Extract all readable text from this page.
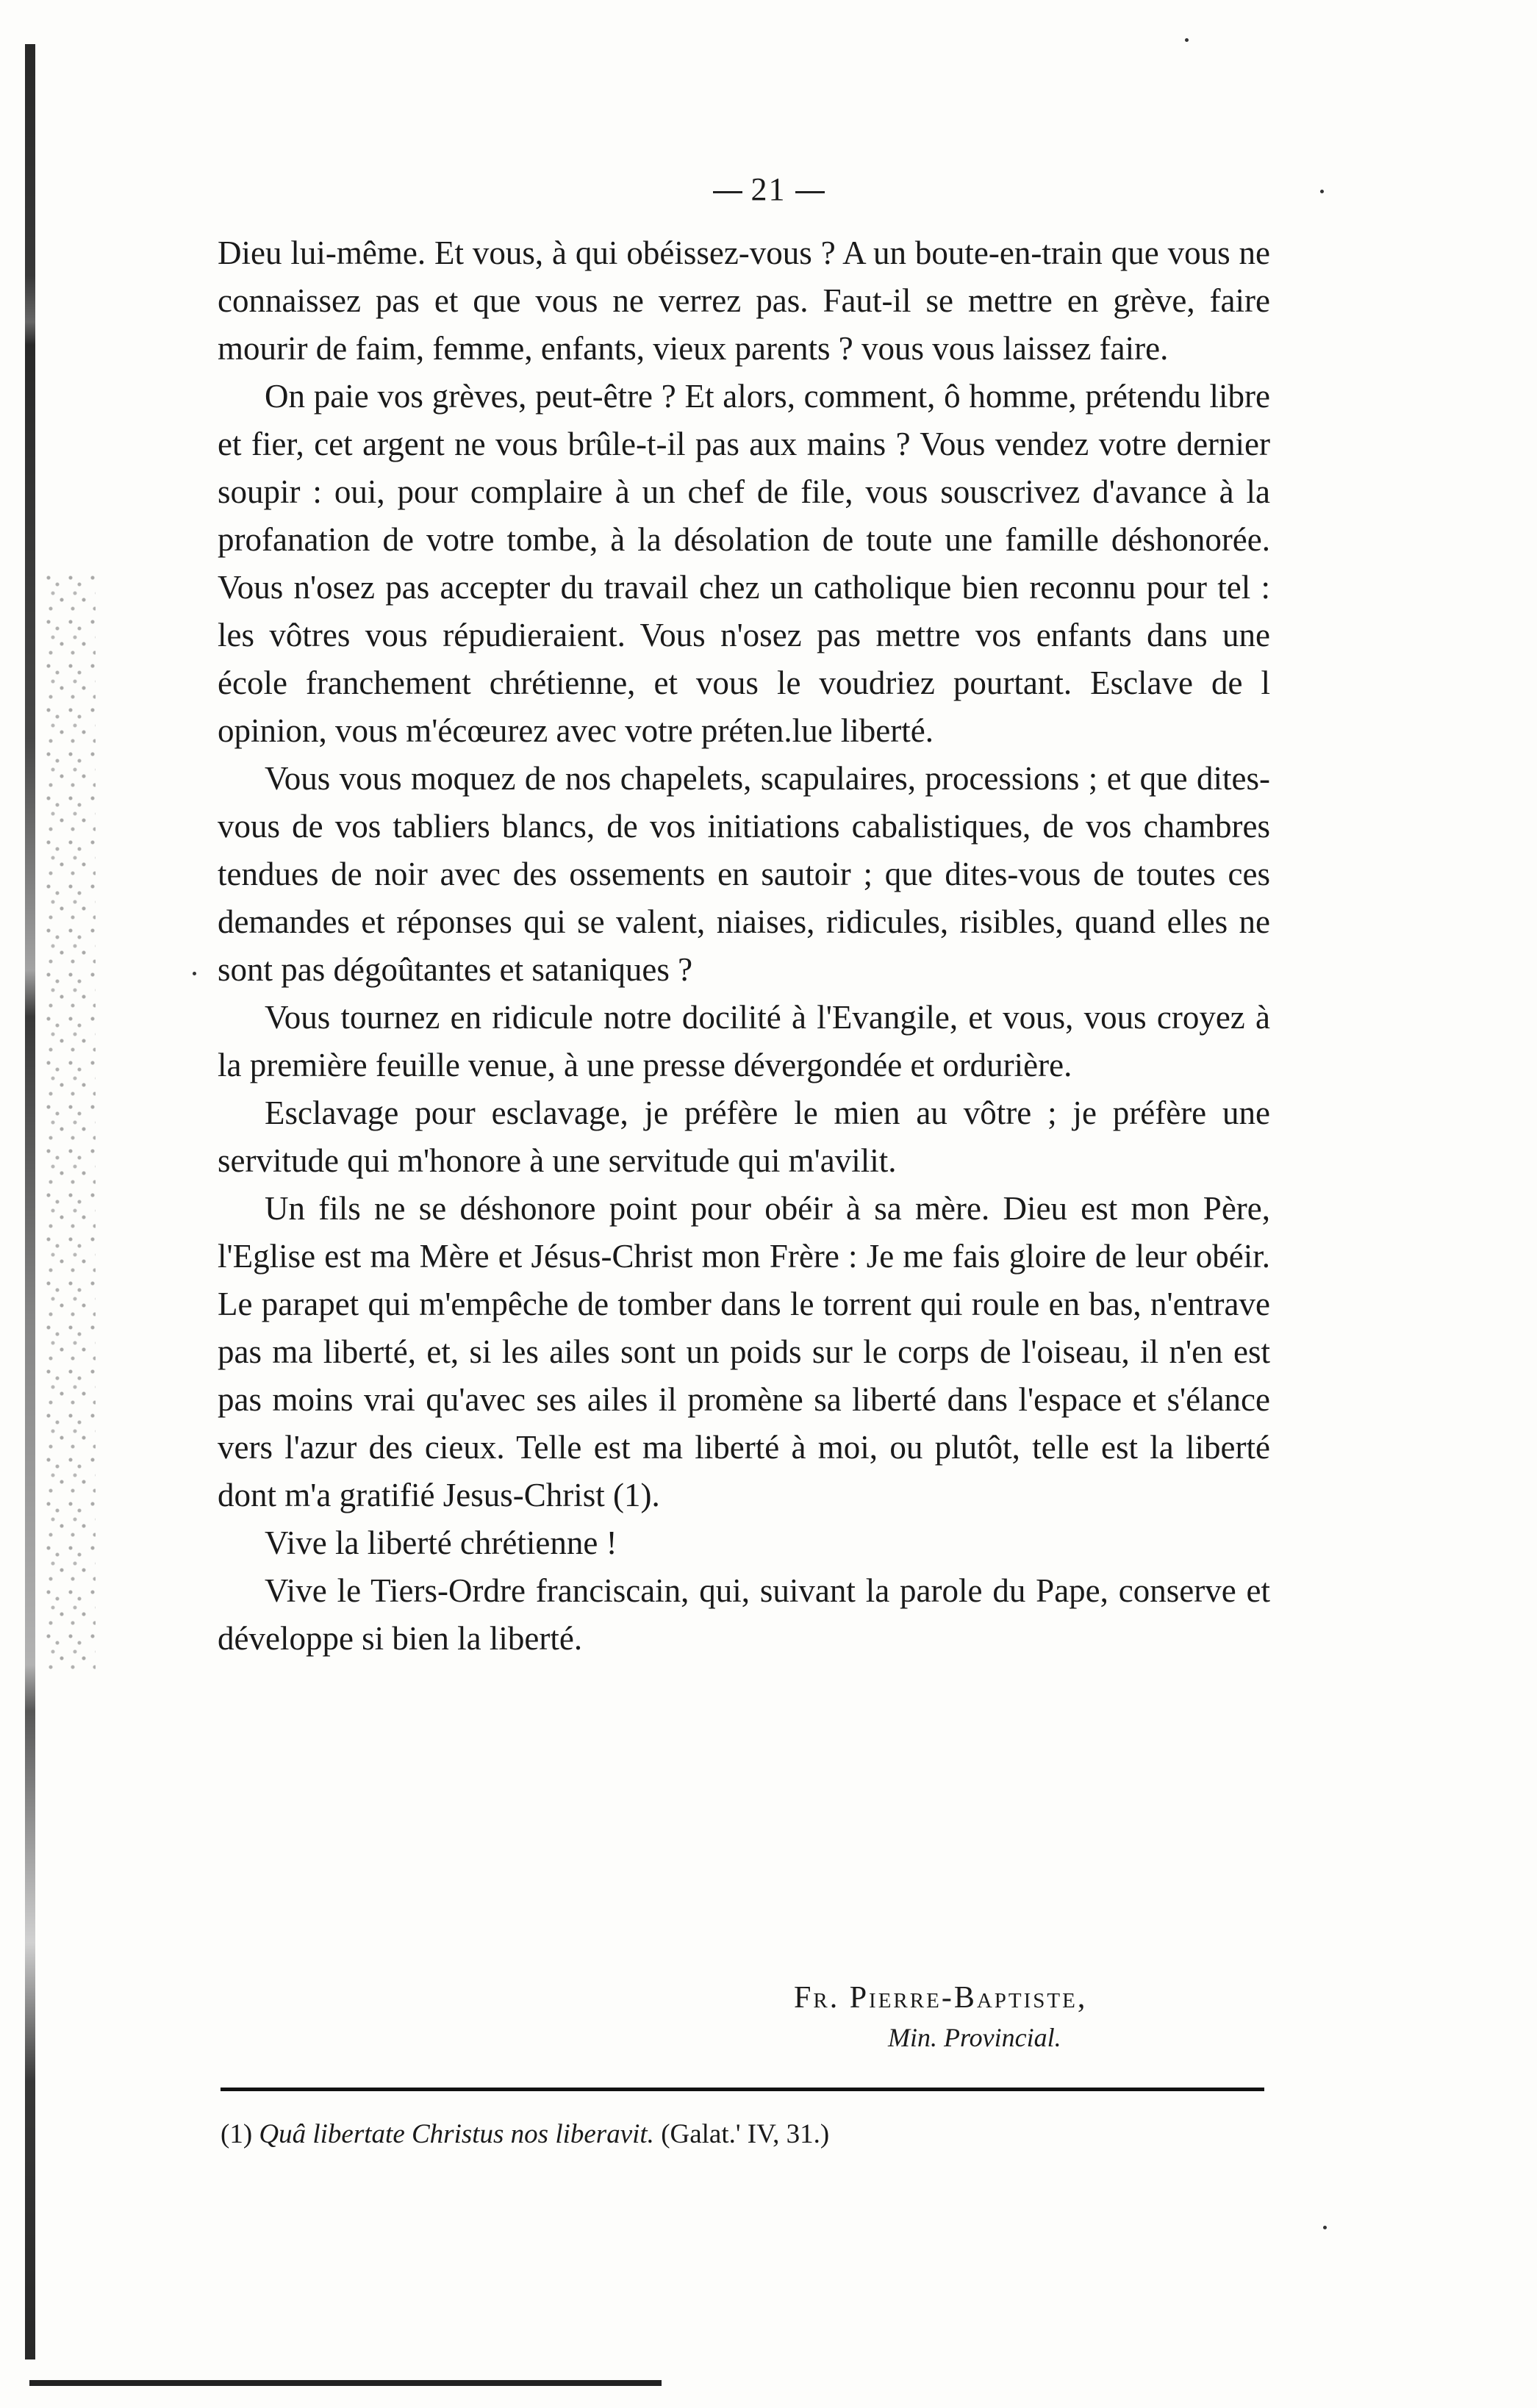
21

Dieu lui-même. Et vous, à qui obéissez-vous ? A un boute-en-train que vous ne connaissez pas et que vous ne verrez pas. Faut-il se mettre en grève, faire mourir de faim, femme, enfants, vieux parents ? vous vous laissez faire.

On paie vos grèves, peut-être ? Et alors, comment, ô homme, prétendu libre et fier, cet argent ne vous brûle-t-il pas aux mains ? Vous vendez votre dernier soupir : oui, pour complaire à un chef de file, vous souscrivez d'avance à la profanation de votre tombe, à la désolation de toute une famille déshonorée. Vous n'osez pas accepter du travail chez un catholique bien reconnu pour tel : les vôtres vous répudieraient. Vous n'osez pas mettre vos enfants dans une école franchement chrétienne, et vous le voudriez pourtant. Esclave de l opinion, vous m'écœurez avec votre préten.lue liberté.

Vous vous moquez de nos chapelets, scapulaires, processions ; et que dites-vous de vos tabliers blancs, de vos initiations cabalistiques, de vos chambres tendues de noir avec des ossements en sautoir ; que dites-vous de toutes ces demandes et réponses qui se valent, niaises, ridicules, risibles, quand elles ne sont pas dégoûtantes et sataniques ?

Vous tournez en ridicule notre docilité à l'Evangile, et vous, vous croyez à la première feuille venue, à une presse dévergondée et ordurière.

Esclavage pour esclavage, je préfère le mien au vôtre ; je préfère une servitude qui m'honore à une servitude qui m'avilit.

Un fils ne se déshonore point pour obéir à sa mère. Dieu est mon Père, l'Eglise est ma Mère et Jésus-Christ mon Frère : Je me fais gloire de leur obéir. Le parapet qui m'empêche de tomber dans le torrent qui roule en bas, n'entrave pas ma liberté, et, si les ailes sont un poids sur le corps de l'oiseau, il n'en est pas moins vrai qu'avec ses ailes il promène sa liberté dans l'espace et s'élance vers l'azur des cieux. Telle est ma liberté à moi, ou plutôt, telle est la liberté dont m'a gratifié Jesus-Christ (1).

Vive la liberté chrétienne !

Vive le Tiers-Ordre franciscain, qui, suivant la parole du Pape, conserve et développe si bien la liberté.

Fr. Pierre-Baptiste,
Min. Provincial.
(1) Quâ libertate Christus nos liberavit. (Galat.' IV, 31.)
